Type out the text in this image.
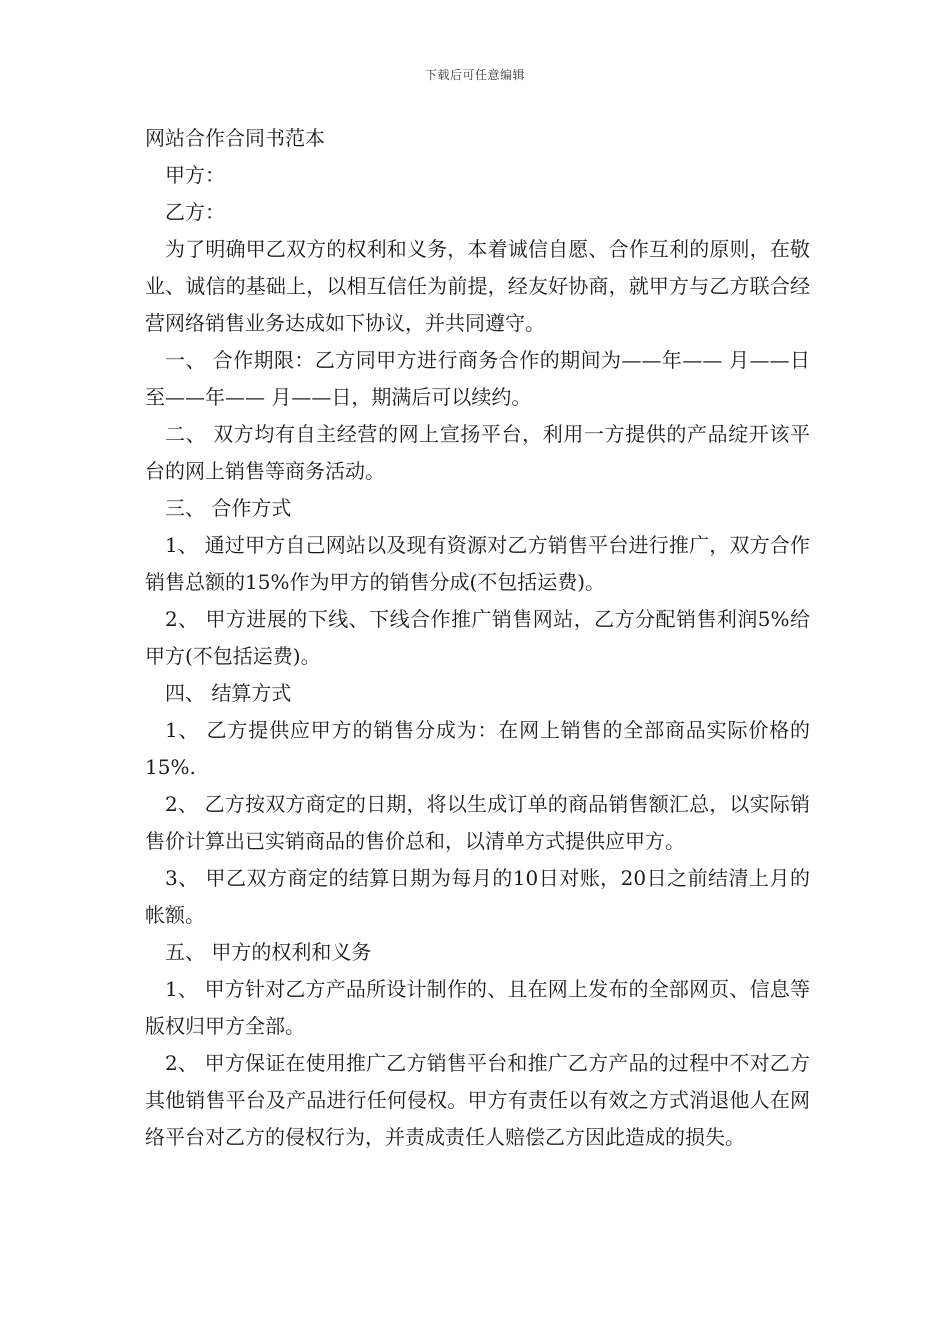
下载后可任意编辑
网站合作合同书范本
甲方：
乙方：
为了明确甲乙双方的权利和义务，本着诚信自愿、合作互利的原则，在敬业、诚信的基础上，以相互信任为前提，经友好协商，就甲方与乙方联合经营网络销售业务达成如下协议，并共同遵守。
一、 合作期限：乙方同甲方进行商务合作的期间为——年—— 月——日至——年—— 月——日，期满后可以续约。
二、 双方均有自主经营的网上宣扬平台，利用一方提供的产品绽开该平台的网上销售等商务活动。
三、 合作方式
1、 通过甲方自己网站以及现有资源对乙方销售平台进行推广，双方合作销售总额的15%作为甲方的销售分成(不包括运费)。
2、 甲方进展的下线、下线合作推广销售网站，乙方分配销售利润5%给甲方(不包括运费)。
四、 结算方式
1、 乙方提供应甲方的销售分成为：在网上销售的全部商品实际价格的15%.
2、 乙方按双方商定的日期，将以生成订单的商品销售额汇总，以实际销售价计算出已实销商品的售价总和，以清单方式提供应甲方。
3、 甲乙双方商定的结算日期为每月的10日对账，20日之前结清上月的帐额。
五、 甲方的权利和义务
1、 甲方针对乙方产品所设计制作的、且在网上发布的全部网页、信息等版权归甲方全部。
2、 甲方保证在使用推广乙方销售平台和推广乙方产品的过程中不对乙方其他销售平台及产品进行任何侵权。甲方有责任以有效之方式消退他人在网络平台对乙方的侵权行为，并责成责任人赔偿乙方因此造成的损失。
